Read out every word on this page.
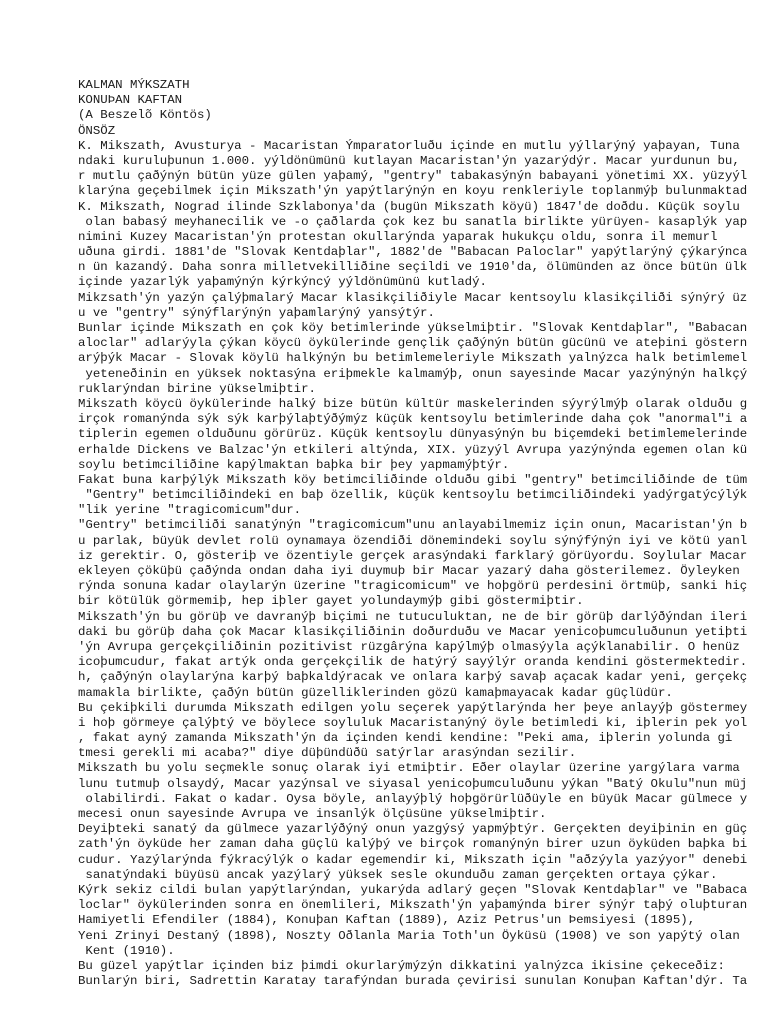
KALMAN MÝKSZATH
KONUÞAN KAFTAN
(A Beszelõ Köntös)
ÖNSÖZ
K. Mikszath, Avusturya - Macaristan Ýmparatorluðu içinde en mutlu yýllarýný yaþayan, Tuna
ndaki kuruluþunun 1.000. yýldönümünü kutlayan Macaristan'ýn yazarýdýr. Macar yurdunun bu,
r mutlu çaðýnýn bütün yüze gülen yaþamý, "gentry" tabakasýnýn babayani yönetimi XX. yüzyýl
klarýna geçebilmek için Mikszath'ýn yapýtlarýnýn en koyu renkleriyle toplanmýþ bulunmaktad
K. Mikszath, Nograd ilinde Szklabonya'da (bugün Mikszath köyü) 1847'de doðdu. Küçük soylu
olan babasý meyhanecilik ve -o çaðlarda çok kez bu sanatla birlikte yürüyen- kasaplýk yap
nimini Kuzey Macaristan'ýn protestan okullarýnda yaparak hukukçu oldu, sonra il memurl
uðuna girdi. 1881'de "Slovak Kentdaþlar", 1882'de "Babacan Paloclar" yapýtlarýný çýkarýnca
n ün kazandý. Daha sonra milletvekilliðine seçildi ve 1910'da, ölümünden az önce bütün ülk
içinde yazarlýk yaþamýnýn kýrkýncý yýldönümünü kutladý.
Mikzsath'ýn yazýn çalýþmalarý Macar klasikçiliðiyle Macar kentsoylu klasikçiliði sýnýrý üz
u ve "gentry" sýnýflarýnýn yaþamlarýný yansýtýr.
Bunlar içinde Mikszath en çok köy betimlerinde yükselmiþtir. "Slovak Kentdaþlar", "Babacan
aloclar" adlarýyla çýkan köycü öykülerinde gençlik çaðýnýn bütün gücünü ve ateþini göstern
arýþýk Macar - Slovak köylü halkýnýn bu betimlemeleriyle Mikszath yalnýzca halk betimlemel
yeteneðinin en yüksek noktasýna eriþmekle kalmamýþ, onun sayesinde Macar yazýnýnýn halkçý
ruklarýndan birine yükselmiþtir.
Mikszath köycü öykülerinde halký bize bütün kültür maskelerinden sýyrýlmýþ olarak olduðu g
irçok romanýnda sýk sýk karþýlaþtýðýmýz küçük kentsoylu betimlerinde daha çok "anormal"i a
tiplerin egemen olduðunu görürüz. Küçük kentsoylu dünyasýnýn bu biçemdeki betimlemelerinde
erhalde Dickens ve Balzac'ýn etkileri altýnda, XIX. yüzyýl Avrupa yazýnýnda egemen olan kü
soylu betimciliðine kapýlmaktan baþka bir þey yapmamýþtýr.
Fakat buna karþýlýk Mikszath köy betimciliðinde olduðu gibi "gentry" betimciliðinde de tüm
"Gentry" betimciliðindeki en baþ özellik, küçük kentsoylu betimciliðindeki yadýrgatýcýlýk
"lik yerine "tragicomicum"dur.
"Gentry" betimciliði sanatýnýn "tragicomicum"unu anlayabilmemiz için onun, Macaristan'ýn b
u parlak, büyük devlet rolü oynamaya özendiði dönemindeki soylu sýnýfýnýn iyi ve kötü yanl
iz gerektir. O, gösteriþ ve özentiyle gerçek arasýndaki farklarý görüyordu. Soylular Macar
ekleyen çöküþü çaðýnda ondan daha iyi duymuþ bir Macar yazarý daha gösterilemez. Öyleyken
rýnda sonuna kadar olaylarýn üzerine "tragicomicum" ve hoþgörü perdesini örtmüþ, sanki hiç
bir kötülük görmemiþ, hep iþler gayet yolundaymýþ gibi göstermiþtir.
Mikszath'ýn bu görüþ ve davranýþ biçimi ne tutuculuktan, ne de bir görüþ darlýðýndan ileri
daki bu görüþ daha çok Macar klasikçiliðinin doðurduðu ve Macar yenicoþumculuðunun yetiþti
'ýn Avrupa gerçekçiliðinin pozitivist rüzgârýna kapýlmýþ olmasýyla açýklanabilir. O henüz
icoþumcudur, fakat artýk onda gerçekçilik de hatýrý sayýlýr oranda kendini göstermektedir.
h, çaðýnýn olaylarýna karþý baþkaldýracak ve onlara karþý savaþ açacak kadar yeni, gerçekç
mamakla birlikte, çaðýn bütün güzelliklerinden gözü kamaþmayacak kadar güçlüdür.
Bu çekiþkili durumda Mikszath edilgen yolu seçerek yapýtlarýnda her þeye anlayýþ göstermey
i hoþ görmeye çalýþtý ve böylece soyluluk Macaristanýný öyle betimledi ki, iþlerin pek yol
, fakat ayný zamanda Mikszath'ýn da içinden kendi kendine: "Peki ama, iþlerin yolunda gi
tmesi gerekli mi acaba?" diye düþündüðü satýrlar arasýndan sezilir.
Mikszath bu yolu seçmekle sonuç olarak iyi etmiþtir. Eðer olaylar üzerine yargýlara varma
lunu tutmuþ olsaydý, Macar yazýnsal ve siyasal yenicoþumculuðunu yýkan "Batý Okulu"nun müj
olabilirdi. Fakat o kadar. Oysa böyle, anlayýþlý hoþgörürlüðüyle en büyük Macar gülmece y
mecesi onun sayesinde Avrupa ve insanlýk ölçüsüne yükselmiþtir.
Deyiþteki sanatý da gülmece yazarlýðýný onun yazgýsý yapmýþtýr. Gerçekten deyiþinin en güç
zath'ýn öyküde her zaman daha güçlü kalýþý ve birçok romanýnýn birer uzun öyküden baþka bi
cudur. Yazýlarýnda fýkracýlýk o kadar egemendir ki, Mikszath için "aðzýyla yazýyor" denebi
sanatýndaki büyüsü ancak yazýlarý yüksek sesle okunduðu zaman gerçekten ortaya çýkar.
Kýrk sekiz cildi bulan yapýtlarýndan, yukarýda adlarý geçen "Slovak Kentdaþlar" ve "Babaca
loclar" öykülerinden sonra en önemlileri, Mikszath'ýn yaþamýnda birer sýnýr taþý oluþturan
Hamiyetli Efendiler (1884), Konuþan Kaftan (1889), Aziz Petrus'un Þemsiyesi (1895),
Yeni Zrinyi Destaný (1898), Noszty Oðlanla Maria Toth'un Öyküsü (1908) ve son yapýtý olan
Kent (1910).
Bu güzel yapýtlar içinden biz þimdi okurlarýmýzýn dikkatini yalnýzca ikisine çekeceðiz:
Bunlarýn biri, Sadrettin Karatay tarafýndan burada çevirisi sunulan Konuþan Kaftan'dýr. Ta
